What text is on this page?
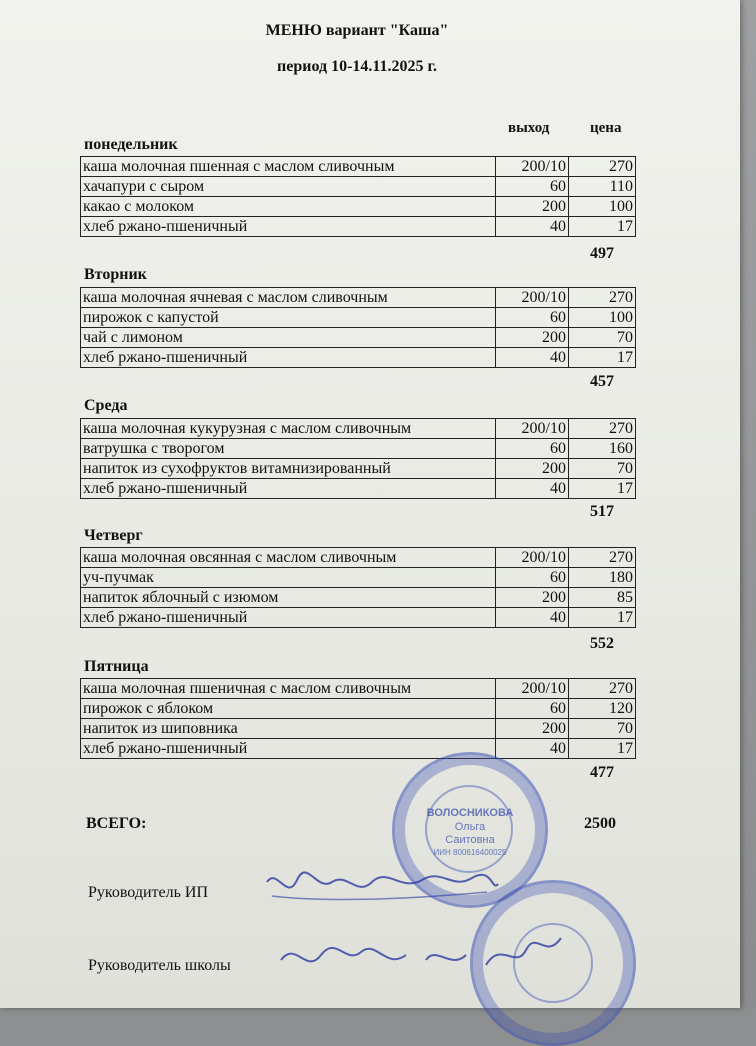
МЕНЮ вариант "Каша"
период 10-14.11.2025 г.
выход	цена
понедельник
каша молочная пшенная с маслом сливочным	200/10	270
хачапури с сыром	60	110
какао с молоком	200	100
хлеб ржано-пшеничный	40	17
497
Вторник
каша молочная ячневая с маслом сливочным	200/10	270
пирожок с капустой	60	100
чай с лимоном	200	70
хлеб ржано-пшеничный	40	17
457
Среда
каша молочная кукурузная с маслом сливочным	200/10	270
ватрушка с творогом	60	160
напиток из сухофруктов витамнизированный	200	70
хлеб ржано-пшеничный	40	17
517
Четверг
каша молочная овсянная с маслом сливочным	200/10	270
уч-пучмак	60	180
напиток яблочный с изюмом	200	85
хлеб ржано-пшеничный	40	17
552
Пятница
каша молочная пшеничная с маслом сливочным	200/10	270
пирожок с яблоком	60	120
напиток из шиповника	200	70
хлеб ржано-пшеничный	40	17
477
ВСЕГО:	2500
ВОЛОСНИКОВА
Ольга
Саитовна
ИИН 800616400025
Руководитель ИП
Руководитель школы
